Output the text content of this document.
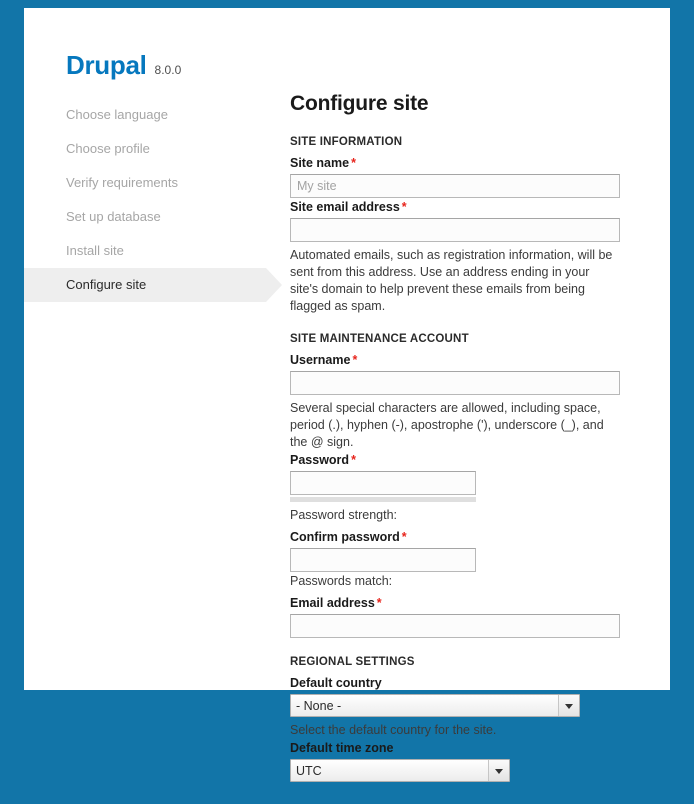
Drupal 8.0.0
Choose language
Choose profile
Verify requirements
Set up database
Install site
Configure site
Configure site
SITE INFORMATION
Site name *
My site
Site email address *
Automated emails, such as registration information, will be sent from this address. Use an address ending in your site's domain to help prevent these emails from being flagged as spam.
SITE MAINTENANCE ACCOUNT
Username *
Several special characters are allowed, including space, period (.), hyphen (-), apostrophe ('), underscore (_), and the @ sign.
Password *
Password strength:
Confirm password *
Passwords match:
Email address *
REGIONAL SETTINGS
Default country
- None -
Select the default country for the site.
Default time zone
UTC
